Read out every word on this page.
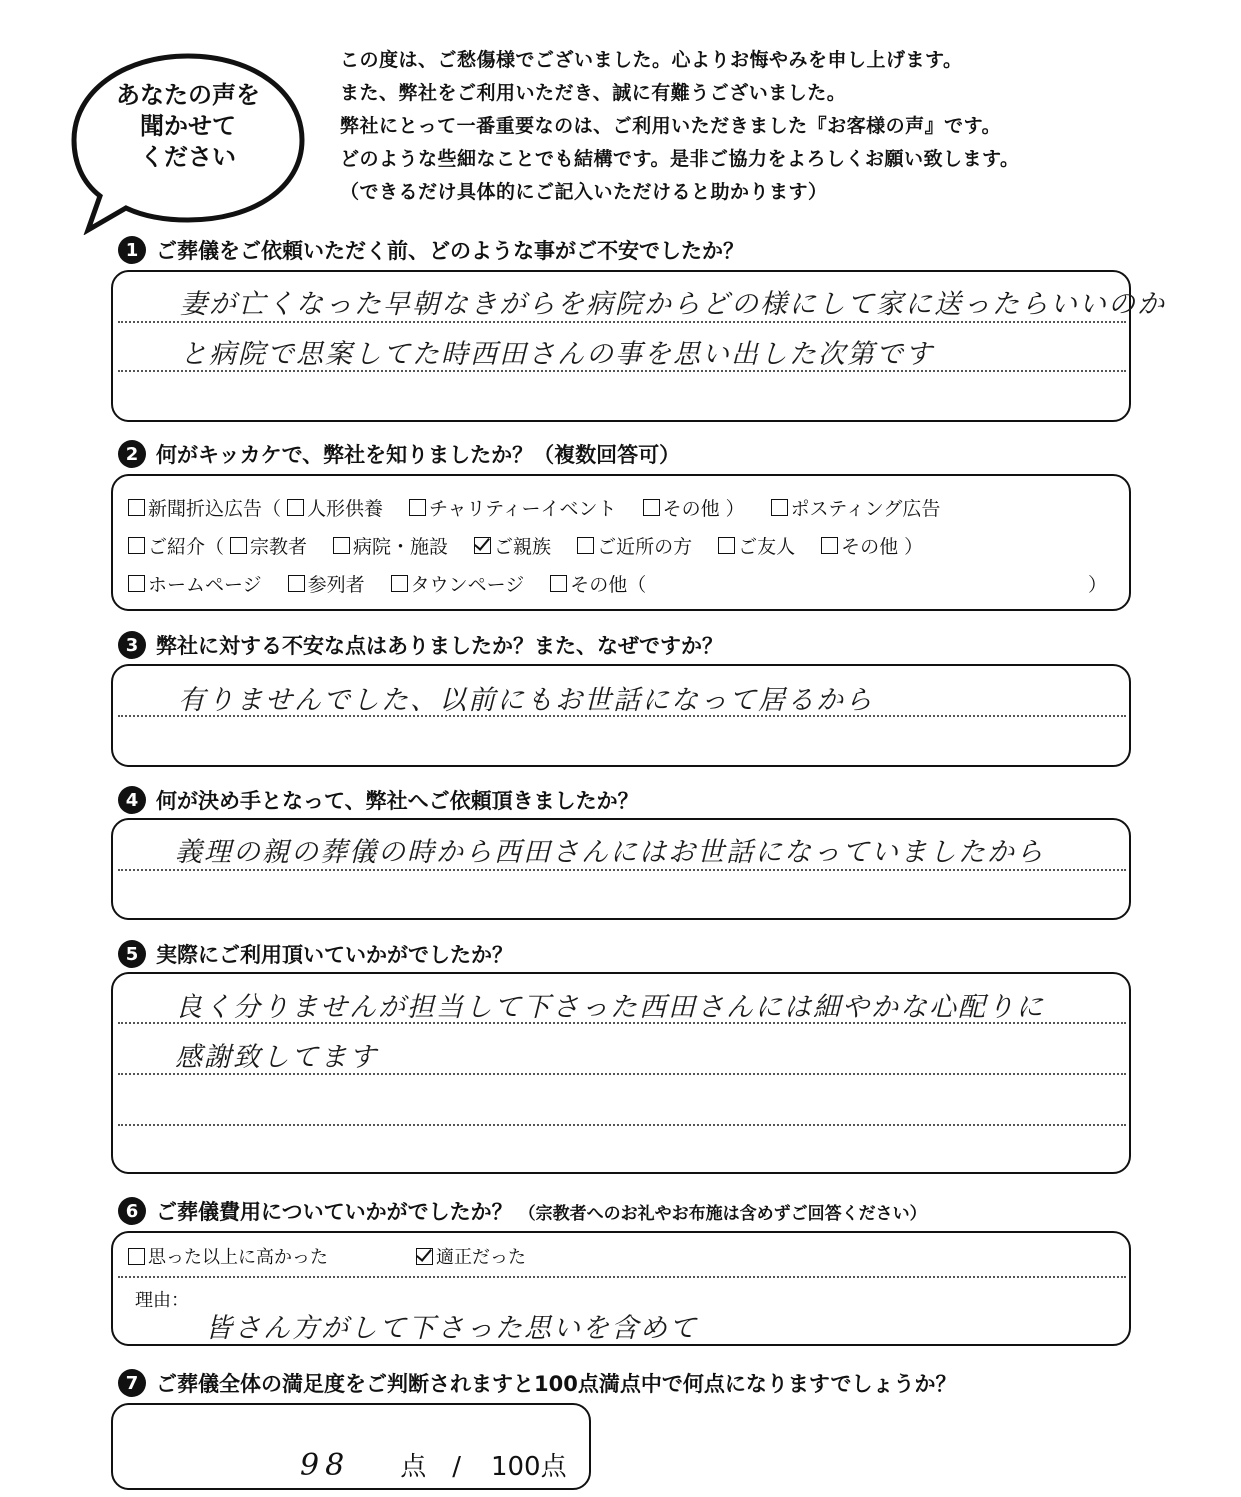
あなたの声を
聞かせて
ください
この度は、ご愁傷様でございました。心よりお悔やみを申し上げます。
また、弊社をご利用いただき、誠に有難うございました。
弊社にとって一番重要なのは、ご利用いただきました『お客様の声』です。
どのような些細なことでも結構です。是非ご協力をよろしくお願い致します。
（できるだけ具体的にご記入いただけると助かります）
1 ご葬儀をご依頼いただく前、どのような事がご不安でしたか？
妻が亡くなった早朝なきがらを病院からどの様にして家に送ったらいいのか
と病院で思案してた時西田さんの事を思い出した次第です
2 何がキッカケで、弊社を知りましたか？（複数回答可）
新聞折込広告（ 人形供養 チャリティーイベント その他 ） ポスティング広告
ご紹介（ 宗教者 病院・施設 ご親族 ご近所の方 ご友人 その他 ）
ホームページ 参列者 タウンページ その他（	）
3 弊社に対する不安な点はありましたか？また、なぜですか？
有りませんでした、以前にもお世話になって居るから
4 何が決め手となって、弊社へご依頼頂きましたか？
義理の親の葬儀の時から西田さんにはお世話になっていましたから
5 実際にご利用頂いていかがでしたか？
良く分りませんが担当して下さった西田さんには細やかな心配りに
感謝致してます
6 ご葬儀費用についていかがでしたか？ （宗教者へのお礼やお布施は含めずご回答ください）
思った以上に高かった	適正だった
理由：
皆さん方がして下さった思いを含めて
7 ご葬儀全体の満足度をご判断されますと100点満点中で何点になりますでしょうか？
98 点 / 100点
